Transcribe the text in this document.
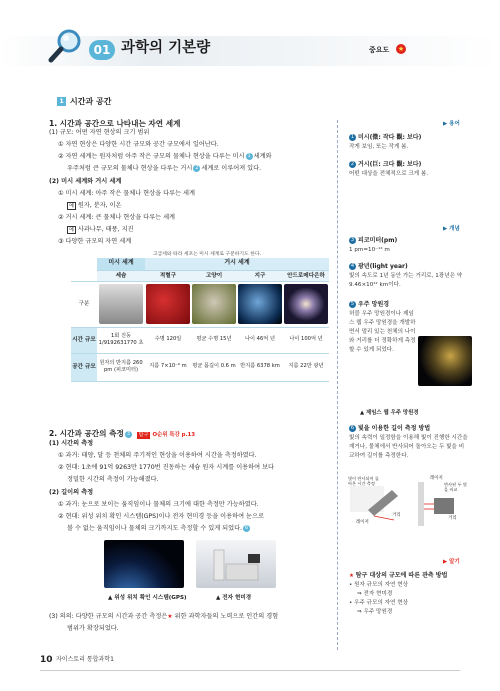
01 과학의 기본량	중요도 ★
1 시간과 공간
1. 시간과 공간으로 나타내는 자연 세계
(1) 규모: 어떤 자연 현상의 크기 범위
① 자연 현상은 다양한 시간 규모와 공간 규모에서 일어난다.
② 자연 세계는 원자처럼 아주 작은 규모의 물체나 현상을 다루는 미시 1 세계와
우주처럼 큰 규모의 물체나 현상을 다루는 거시 2 세계로 이루어져 있다.
(2) 미시 세계와 거시 세계
① 미시 세계: 아주 작은 물체나 현상을 다루는 세계
예 원자, 분자, 이온
② 거시 세계: 큰 물체나 현상을 다루는 세계
예 사과나무, 태풍, 지진
③ 다양한 규모의 자연 세계
고급세와 따라 세포는 미시 세계로 구분하기도 한다.
	미시 세계	거시 세계			
	세슘	적혈구	고양이	지구	안드로메다은하
구분	

시간 규모	1회 진동 1/9192631770 초	수명 120일	평균 수명 15년	나이 46억 년	나이 100억 년
공간 규모	원자의 반지름 260 pm (피코미터)	지름 7×10⁻⁶ m	평균 몸길이 0.6 m	반지름 6378 km	지름 22만 광년
2. 시간과 공간의 측정 3 탐구 O순위 특강 p.13
(1) 시간의 측정
① 과거: 태양, 달 등 천체의 주기적인 현상을 이용하여 시간을 측정하였다.
② 현대: 1초에 91억 9263만 1770번 진동하는 세슘 원자 시계를 이용하여 보다
정밀한 시간의 측정이 가능해졌다.
(2) 길이의 측정
① 과거: 눈으로 보이는 움직임이나 물체의 크기에 대한 측정만 가능하였다.
② 현대: 위성 위치 확인 시스템(GPS)이나 전자 현미경 등을 이용하여 눈으로
볼 수 없는 움직임이나 물체의 크기까지도 측정할 수 있게 되었다. 6
▲ 위성 위치 확인 시스템(GPS)	▲ 전자 현미경
(3) 의의: 다양한 규모의 시간과 공간 측정은★ 위한 과학자들의 노력으로 인간의 경험
범위가 확장되었다.
▶ 용어
1 미시(微: 작다 觀: 보다)
작게 보임, 또는 작게 봄.
2 거시(巨: 크다 觀: 보다)
어떤 대상을 전체적으로 크게 봄.
▶ 개념
3 피코미터(pm)
1 pm=10⁻¹² m
4 광년(light year)
빛의 속도로 1년 동안 가는 거리로, 1광년은 약 9.46×10¹² km이다.
5 우주 망원경
허블 우주 망원경이나 제임스 웹 우주 망원경을 개발하면서 멀리 있는 천체의 나이와 거리를 더 정확하게 측정할 수 있게 되었다.
▲ 제임스 웹 우주 망원경
6 빛을 이용한 길이 측정 방법
빛의 속력이 일정함을 이용해 빛이 진행한 시간을 재거나, 물체에서 반사되어 돌아오는 두 빛을 비교하여 길이를 측정한다.
빛이 반사되어 돌아온 시간 측정
레이저
거리
레이저
반사된 두 빛을 비교
거리
▶ 알기
★ 탐구 대상의 규모에 따른 관측 방법
• 원자 규모의 자연 현상
⇒ 전자 현미경
• 우주 규모의 자연 현상
⇒ 우주 망원경
10 자이스토리 통합과학1
